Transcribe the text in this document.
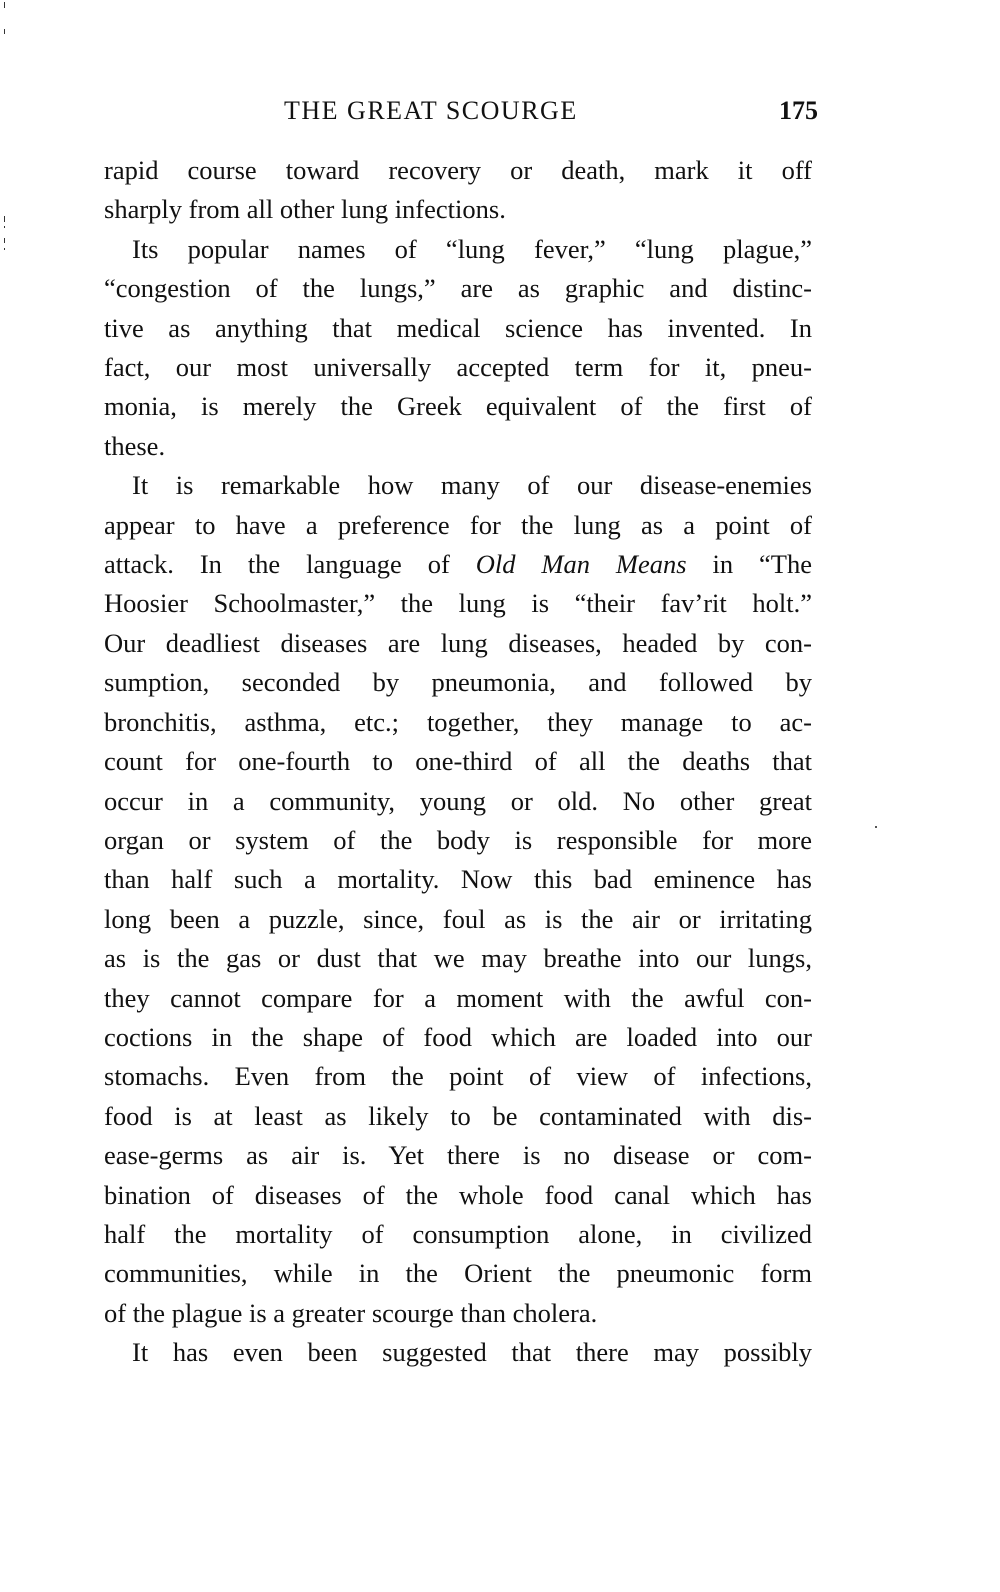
THE GREAT SCOURGE	175

rapid course toward recovery or death, mark it off
sharply from all other lung infections.

Its popular names of “lung fever,” “lung plague,”
“congestion of the lungs,” are as graphic and distinc-
tive as anything that medical science has invented. In
fact, our most universally accepted term for it, pneu-
monia, is merely the Greek equivalent of the first of
these.

It is remarkable how many of our disease-enemies
appear to have a preference for the lung as a point of
attack. In the language of Old Man Means in “The
Hoosier Schoolmaster,” the lung is “their fav’rit holt.”
Our deadliest diseases are lung diseases, headed by con-
sumption, seconded by pneumonia, and followed by
bronchitis, asthma, etc.; together, they manage to ac-
count for one-fourth to one-third of all the deaths that
occur in a community, young or old. No other great
organ or system of the body is responsible for more
than half such a mortality. Now this bad eminence has
long been a puzzle, since, foul as is the air or irritating
as is the gas or dust that we may breathe into our lungs,
they cannot compare for a moment with the awful con-
coctions in the shape of food which are loaded into our
stomachs. Even from the point of view of infections,
food is at least as likely to be contaminated with dis-
ease-germs as air is. Yet there is no disease or com-
bination of diseases of the whole food canal which has
half the mortality of consumption alone, in civilized
communities, while in the Orient the pneumonic form
of the plague is a greater scourge than cholera.

It has even been suggested that there may possibly
